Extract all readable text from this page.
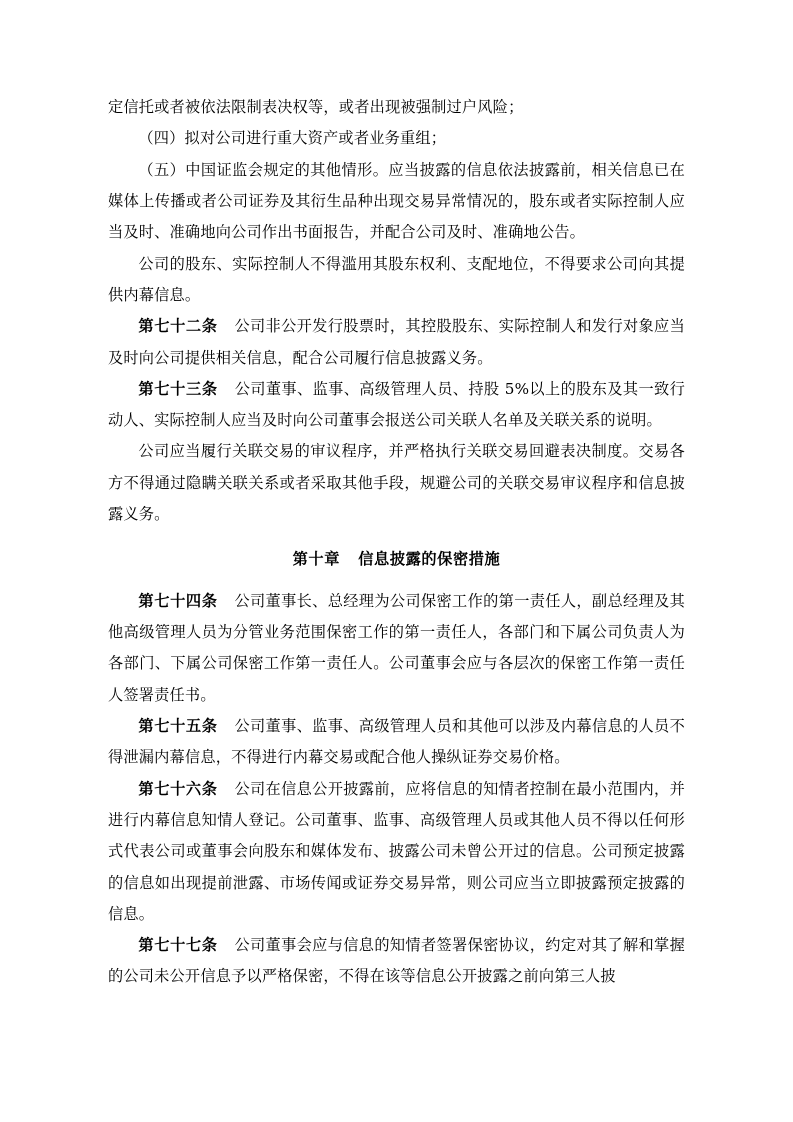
定信托或者被依法限制表决权等，或者出现被强制过户风险；

（四）拟对公司进行重大资产或者业务重组；

（五）中国证监会规定的其他情形。应当披露的信息依法披露前，相关信息已在媒体上传播或者公司证券及其衍生品种出现交易异常情况的，股东或者实际控制人应当及时、准确地向公司作出书面报告，并配合公司及时、准确地公告。

公司的股东、实际控制人不得滥用其股东权利、支配地位，不得要求公司向其提供内幕信息。

第七十二条 公司非公开发行股票时，其控股股东、实际控制人和发行对象应当及时向公司提供相关信息，配合公司履行信息披露义务。

第七十三条 公司董事、监事、高级管理人员、持股 5%以上的股东及其一致行动人、实际控制人应当及时向公司董事会报送公司关联人名单及关联关系的说明。

公司应当履行关联交易的审议程序，并严格执行关联交易回避表决制度。交易各方不得通过隐瞒关联关系或者采取其他手段，规避公司的关联交易审议程序和信息披露义务。

第十章 信息披露的保密措施

第七十四条 公司董事长、总经理为公司保密工作的第一责任人，副总经理及其他高级管理人员为分管业务范围保密工作的第一责任人，各部门和下属公司负责人为各部门、下属公司保密工作第一责任人。公司董事会应与各层次的保密工作第一责任人签署责任书。

第七十五条 公司董事、监事、高级管理人员和其他可以涉及内幕信息的人员不得泄漏内幕信息，不得进行内幕交易或配合他人操纵证券交易价格。

第七十六条 公司在信息公开披露前，应将信息的知情者控制在最小范围内，并进行内幕信息知情人登记。公司董事、监事、高级管理人员或其他人员不得以任何形式代表公司或董事会向股东和媒体发布、披露公司未曾公开过的信息。公司预定披露的信息如出现提前泄露、市场传闻或证券交易异常，则公司应当立即披露预定披露的信息。

第七十七条 公司董事会应与信息的知情者签署保密协议，约定对其了解和掌握的公司未公开信息予以严格保密，不得在该等信息公开披露之前向第三人披
